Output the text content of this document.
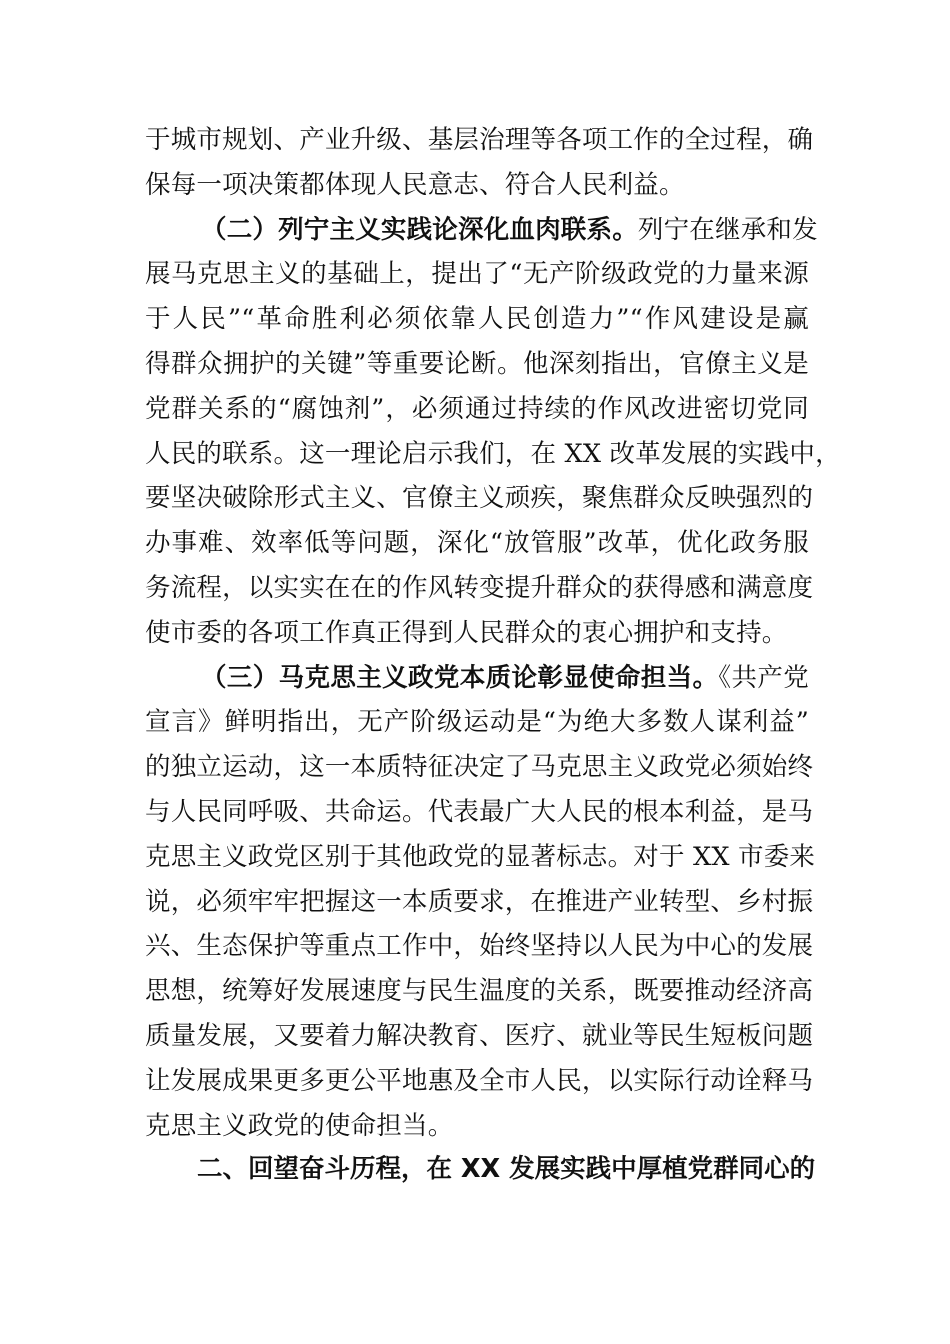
于城市规划、产业升级、基层治理等各项工作的全过程，确
保每一项决策都体现人民意志、符合人民利益。
（二）列宁主义实践论深化血肉联系。列宁在继承和发
展马克思主义的基础上，提出了“无产阶级政党的力量来源
于人民”“革命胜利必须依靠人民创造力”“作风建设是赢
得群众拥护的关键”等重要论断。他深刻指出，官僚主义是
党群关系的“腐蚀剂”，必须通过持续的作风改进密切党同
人民的联系。这一理论启示我们，在 XX 改革发展的实践中，
要坚决破除形式主义、官僚主义顽疾，聚焦群众反映强烈的
办事难、效率低等问题，深化“放管服”改革，优化政务服
务流程，以实实在在的作风转变提升群众的获得感和满意度
使市委的各项工作真正得到人民群众的衷心拥护和支持。
（三）马克思主义政党本质论彰显使命担当。《共产党
宣言》鲜明指出，无产阶级运动是“为绝大多数人谋利益”
的独立运动，这一本质特征决定了马克思主义政党必须始终
与人民同呼吸、共命运。代表最广大人民的根本利益，是马
克思主义政党区别于其他政党的显著标志。对于 XX 市委来
说，必须牢牢把握这一本质要求，在推进产业转型、乡村振
兴、生态保护等重点工作中，始终坚持以人民为中心的发展
思想，统筹好发展速度与民生温度的关系，既要推动经济高
质量发展，又要着力解决教育、医疗、就业等民生短板问题
让发展成果更多更公平地惠及全市人民，以实际行动诠释马
克思主义政党的使命担当。
二、回望奋斗历程，在 XX 发展实践中厚植党群同心的
